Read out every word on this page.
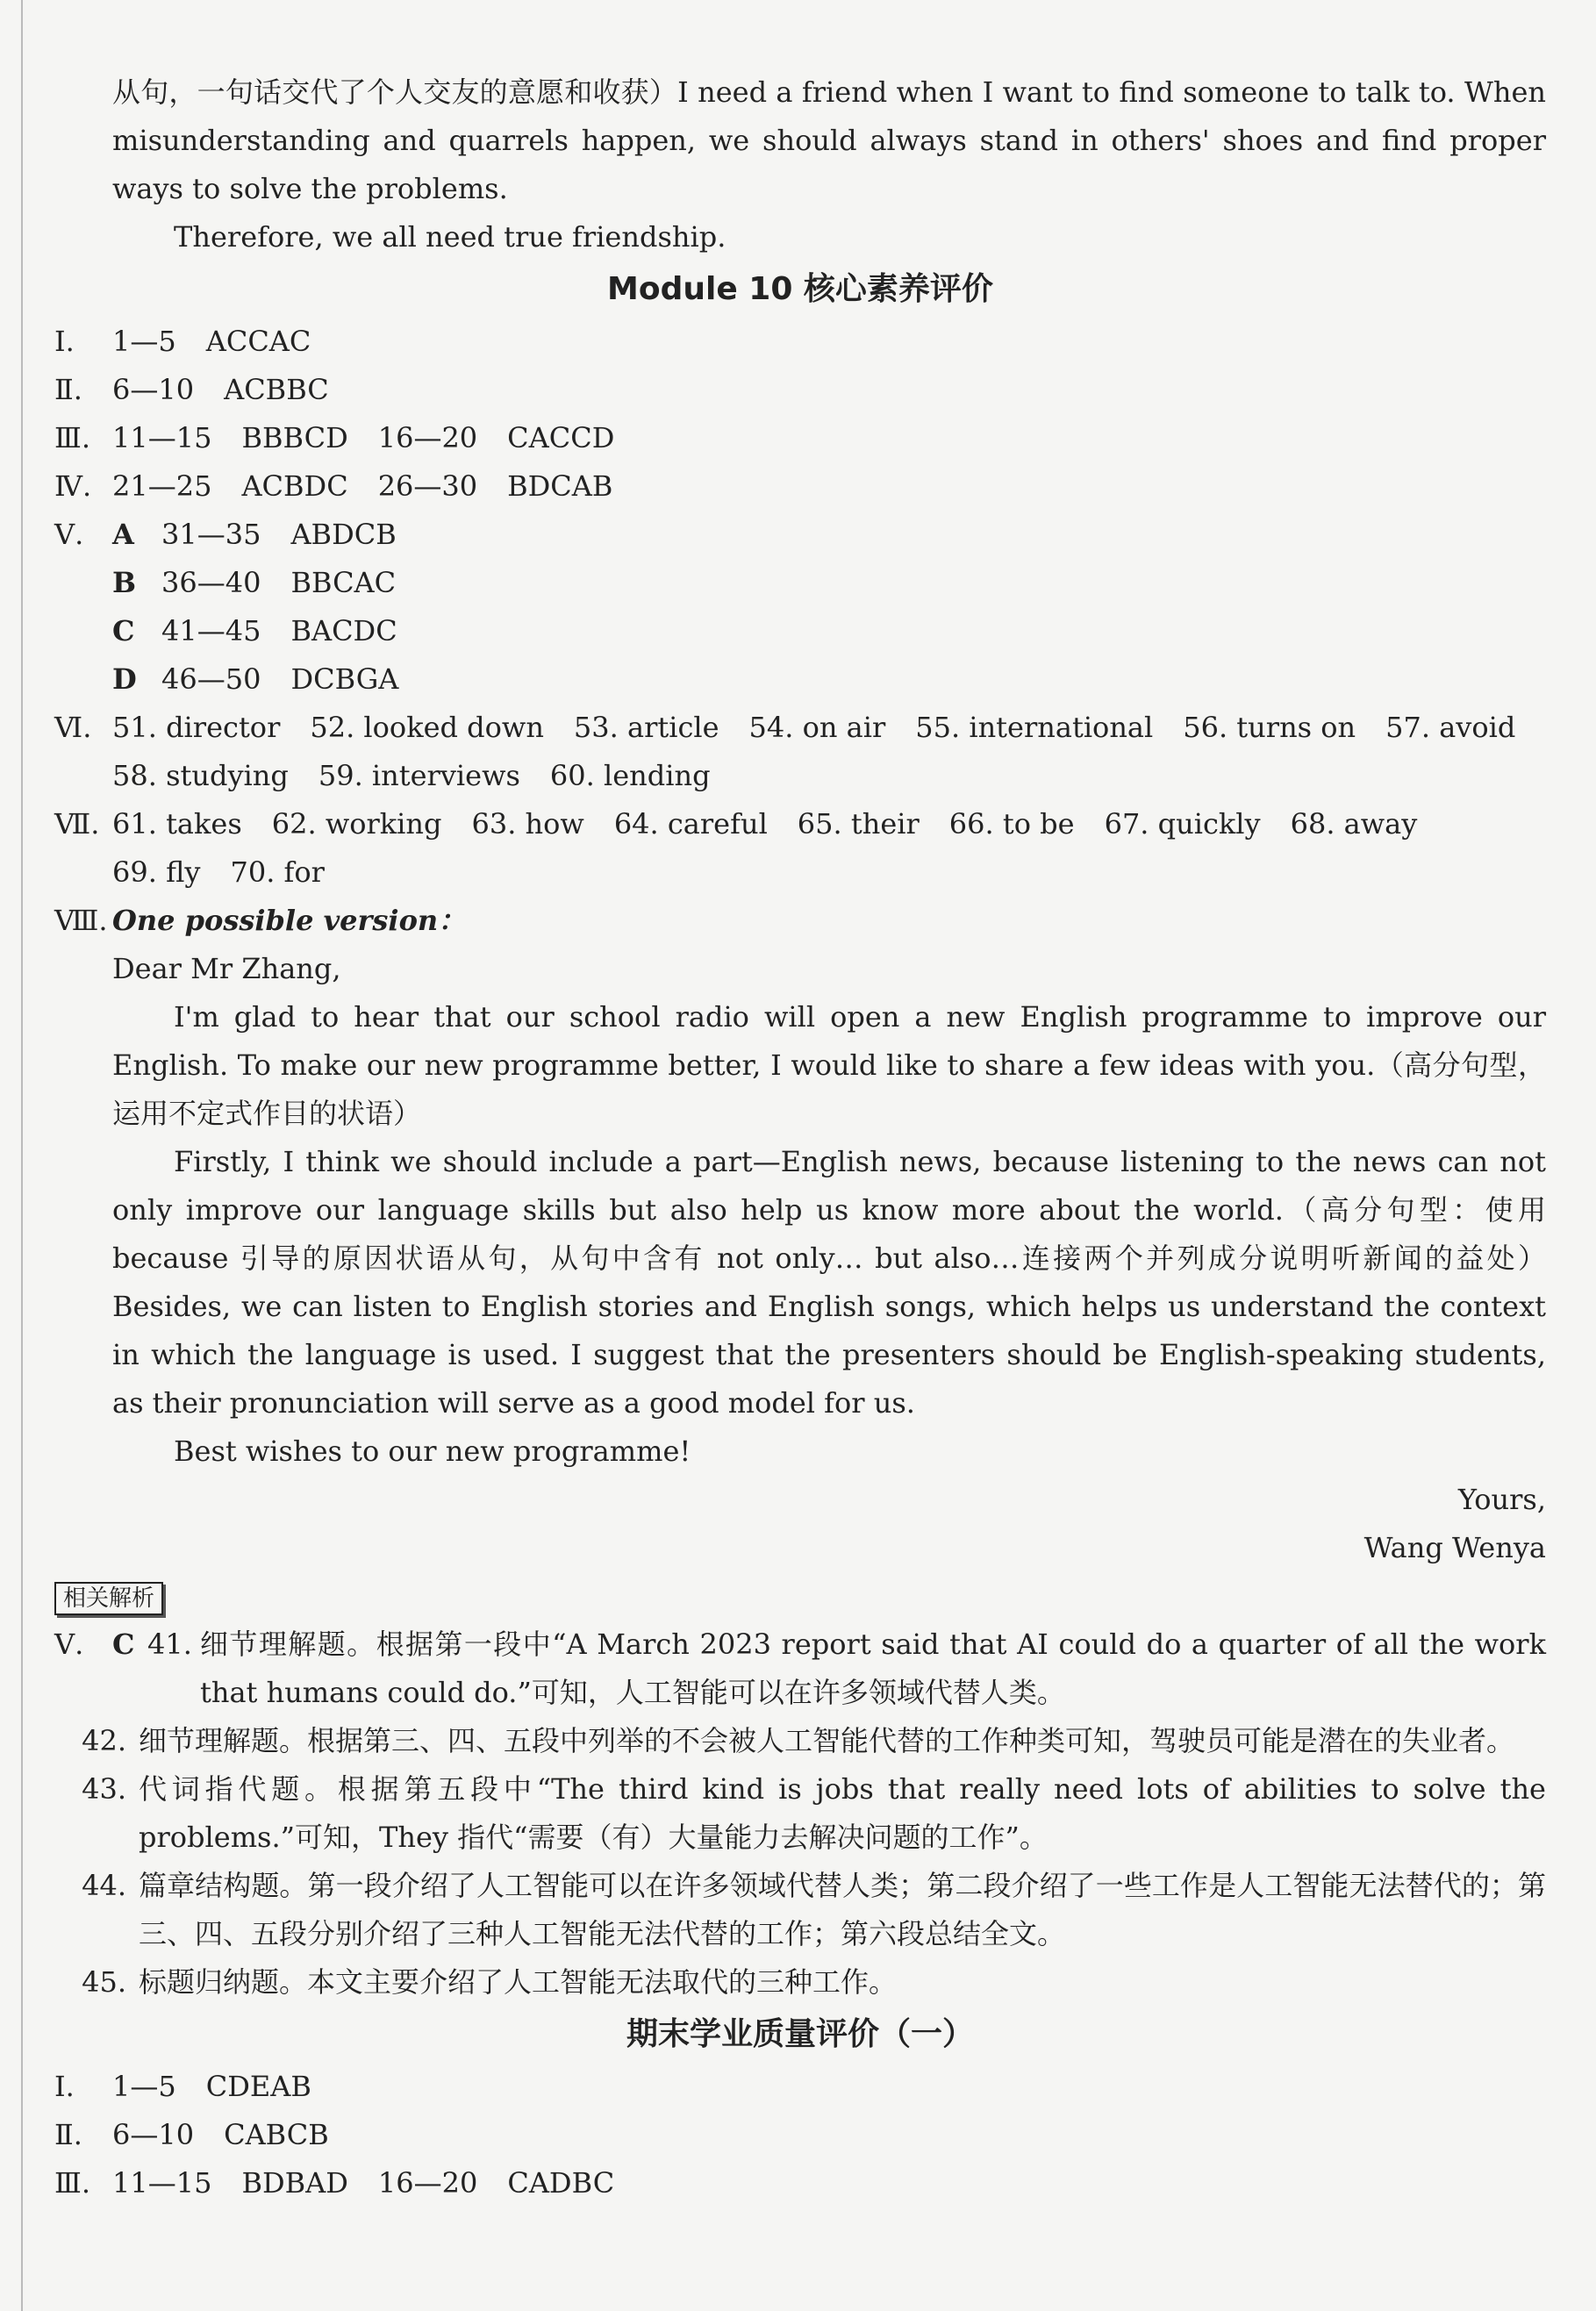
从句，一句话交代了个人交友的意愿和收获）I need a friend when I want to find someone to talk to. When misunderstanding and quarrels happen, we should always stand in others' shoes and find proper ways to solve the problems.

Therefore, we all need true friendship.

Module 10 核心素养评价
Ⅰ.	1—5 ACCAC
Ⅱ.	6—10 ACBBC
Ⅲ. 11—15 BBBCD 16—20 CACCD
Ⅳ. 21—25 ACBDC 26—30 BDCAB
Ⅴ.	A 31—35 ABDCB
B 36—40 BBCAC
C 41—45 BACDC
D 46—50 DCBGA
Ⅵ. 51. director 52. looked down 53. article 54. on air 55. international 56. turns on 57. avoid
58. studying 59. interviews 60. lending
Ⅶ. 61. takes 62. working 63. how 64. careful 65. their 66. to be 67. quickly 68. away
69. fly 70. for
Ⅷ. One possible version：

Dear Mr Zhang,

I'm glad to hear that our school radio will open a new English programme to improve our English. To make our new programme better, I would like to share a few ideas with you.（高分句型，运用不定式作目的状语）

Firstly, I think we should include a part—English news, because listening to the news can not only improve our language skills but also help us know more about the world.（高分句型：使用 because 引导的原因状语从句，从句中含有 not only… but also…连接两个并列成分说明听新闻的益处）Besides, we can listen to English stories and English songs, which helps us understand the context in which the language is used. I suggest that the presenters should be English-speaking students, as their pronunciation will serve as a good model for us.

Best wishes to our new programme!

Yours,

Wang Wenya

相关解析
Ⅴ.	C 41. 细节理解题。根据第一段中“A March 2023 report said that AI could do a quarter of all the work that humans could do.”可知，人工智能可以在许多领域代替人类。
42. 细节理解题。根据第三、四、五段中列举的不会被人工智能代替的工作种类可知，驾驶员可能是潜在的失业者。
43. 代词指代题。根据第五段中“The third kind is jobs that really need lots of abilities to solve the problems.”可知，They 指代“需要（有）大量能力去解决问题的工作”。
44. 篇章结构题。第一段介绍了人工智能可以在许多领域代替人类；第二段介绍了一些工作是人工智能无法替代的；第三、四、五段分别介绍了三种人工智能无法代替的工作；第六段总结全文。
45. 标题归纳题。本文主要介绍了人工智能无法取代的三种工作。
期末学业质量评价（一）
Ⅰ.	1—5 CDEAB
Ⅱ.	6—10 CABCB
Ⅲ. 11—15 BDBAD 16—20 CADBC
